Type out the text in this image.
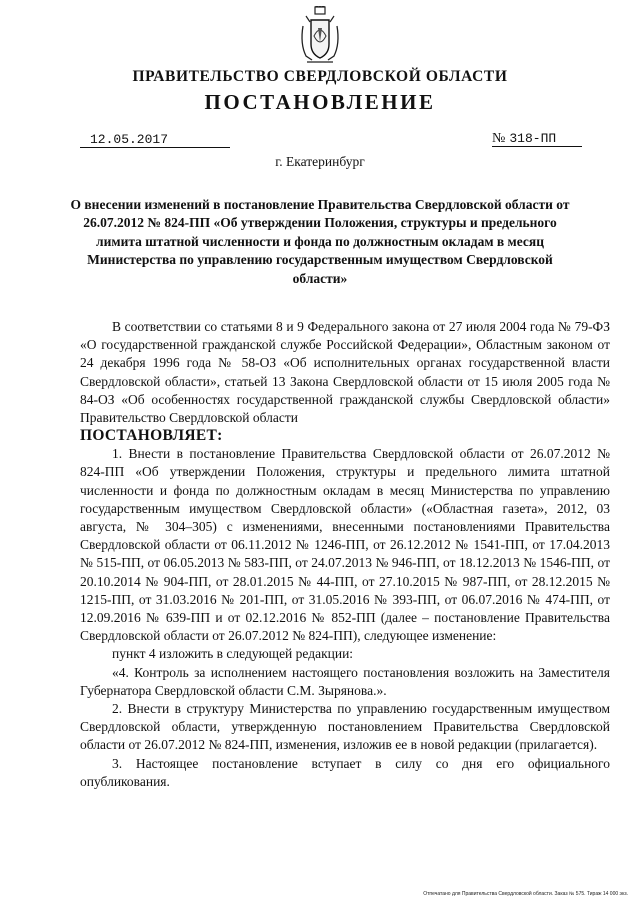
ПРАВИТЕЛЬСТВО СВЕРДЛОВСКОЙ ОБЛАСТИ
ПОСТАНОВЛЕНИЕ
12.05.2017	№ 318-ПП
г. Екатеринбург
О внесении изменений в постановление Правительства Свердловской области от 26.07.2012 № 824-ПП «Об утверждении Положения, структуры и предельного лимита штатной численности и фонда по должностным окладам в месяц Министерства по управлению государственным имуществом Свердловской области»

В соответствии со статьями 8 и 9 Федерального закона от 27 июля 2004 года № 79-ФЗ «О государственной гражданской службе Российской Федерации», Областным законом от 24 декабря 1996 года № 58-ОЗ «Об исполнительных органах государственной власти Свердловской области», статьей 13 Закона Свердловской области от 15 июля 2005 года № 84-ОЗ «Об особенностях государственной гражданской службы Свердловской области» Правительство Свердловской области

ПОСТАНОВЛЯЕТ:

1. Внести в постановление Правительства Свердловской области от 26.07.2012 № 824-ПП «Об утверждении Положения, структуры и предельного лимита штатной численности и фонда по должностным окладам в месяц Министерства по управлению государственным имуществом Свердловской области» («Областная газета», 2012, 03 августа, № 304–305) с изменениями, внесенными постановлениями Правительства Свердловской области от 06.11.2012 № 1246-ПП, от 26.12.2012 № 1541-ПП, от 17.04.2013 № 515-ПП, от 06.05.2013 № 583-ПП, от 24.07.2013 № 946-ПП, от 18.12.2013 № 1546-ПП, от 20.10.2014 № 904-ПП, от 28.01.2015 № 44-ПП, от 27.10.2015 № 987-ПП, от 28.12.2015 № 1215-ПП, от 31.03.2016 № 201-ПП, от 31.05.2016 № 393-ПП, от 06.07.2016 № 474-ПП, от 12.09.2016 № 639-ПП и от 02.12.2016 № 852-ПП (далее – постановление Правительства Свердловской области от 26.07.2012 № 824-ПП), следующее изменение:

пункт 4 изложить в следующей редакции:

«4. Контроль за исполнением настоящего постановления возложить на Заместителя Губернатора Свердловской области С.М. Зырянова.».

2. Внести в структуру Министерства по управлению государственным имуществом Свердловской области, утвержденную постановлением Правительства Свердловской области от 26.07.2012 № 824-ПП, изменения, изложив ее в новой редакции (прилагается).

3. Настоящее постановление вступает в силу со дня его официального опубликования.

Отпечатано для Правительства Свердловской области. Заказ № 575. Тираж 14 000 экз.
